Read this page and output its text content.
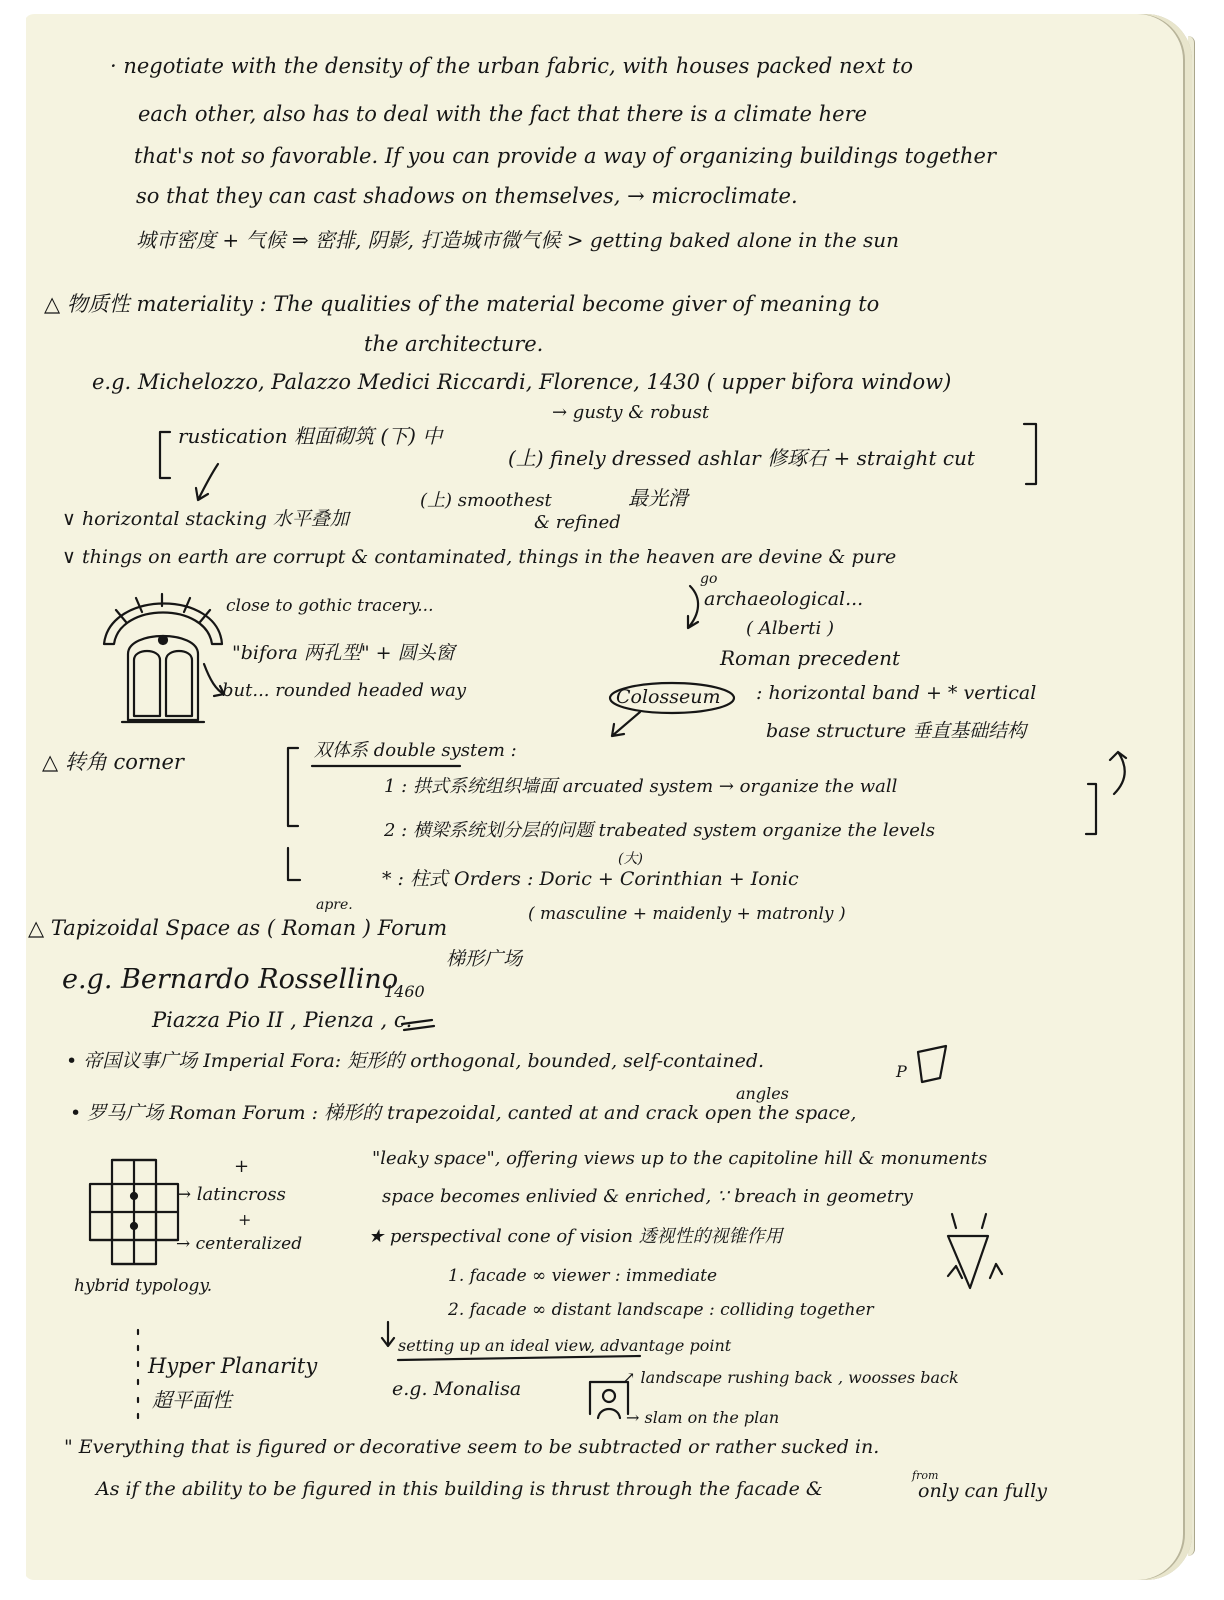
· negotiate with the density of the urban fabric, with houses packed next to
each other, also has to deal with the fact that there is a climate here
that's not so favorable. If you can provide a way of organizing buildings together
so that they can cast shadows on themselves, → microclimate.
城市密度 + 气候 ⇒ 密排, 阴影, 打造城市微气候 > getting baked alone in the sun
△ 物质性 materiality : The qualities of the material become giver of meaning to
the architecture.
e.g. Michelozzo, Palazzo Medici Riccardi, Florence, 1430 ( upper bifora window)
→ gusty & robust
rustication 粗面砌筑 (下) 中
(上) finely dressed ashlar 修琢石 + straight cut
∨ horizontal stacking 水平叠加
(上) smoothest	最光滑
& refined
∨ things on earth are corrupt & contaminated, things in the heaven are devine & pure
go
archaeological...
close to gothic tracery...
( Alberti )
"bifora 两孔型" + 圆头窗	Roman precedent
but... rounded headed way	Colosseum : horizontal band + * vertical
base structure 垂直基础结构
△ 转角 corner	双体系 double system :
1 : 拱式系统组织墙面 arcuated system → organize the wall
2 : 横梁系统划分层的问题 trabeated system organize the levels
(大)
* : 柱式 Orders : Doric + Corinthian + Ionic
( masculine + maidenly + matronly )
apre.
△ Tapizoidal Space as ( Roman ) Forum
梯形广场
e.g. Bernardo Rossellino
1460
Piazza Pio II , Pienza , c.
• 帝国议事广场 Imperial Fora: 矩形的 orthogonal, bounded, self-contained.	P
angles
• 罗马广场 Roman Forum : 梯形的 trapezoidal, canted at and crack open the space,
"leaky space", offering views up to the capitoline hill & monuments
space becomes enlivied & enriched, ∵ breach in geometry
★ perspectival cone of vision 透视性的视锥作用
+
→ latincross
+
→ centeralized
hybrid typology.	1. facade ∞ viewer : immediate
2. facade ∞ distant landscape : colliding together
setting up an ideal view, advantage point
Hyper Planarity
超平面性	e.g. Monalisa
↗ landscape rushing back , woosses back
→ slam on the plan
" Everything that is figured or decorative seem to be subtracted or rather sucked in.
As if the ability to be figured in this building is thrust through the facade &
from
only can fully
